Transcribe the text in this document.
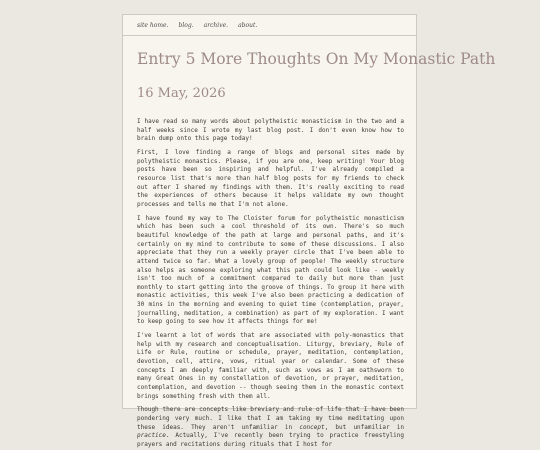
site home. blog. archive. about.
Entry 5 More Thoughts On My Monastic Path
16 May, 2026

I have read so many words about polytheistic monasticism in the two and a half weeks since I wrote my last blog post. I don't even know how to brain dump onto this page today!

First, I love finding a range of blogs and personal sites made by polytheistic monastics. Please, if you are one, keep writing! Your blog posts have been so inspiring and helpful. I've already compiled a resource list that's more than half blog posts for my friends to check out after I shared my findings with them. It's really exciting to read the experiences of others because it helps validate my own thought processes and tells me that I'm not alone.

I have found my way to The Cloister forum for polytheistic monasticism which has been such a cool threshold of its own. There's so much beautiful knowledge of the path at large and personal paths, and it's certainly on my mind to contribute to some of these discussions. I also appreciate that they run a weekly prayer circle that I've been able to attend twice so far. What a lovely group of people! The weekly structure also helps as someone exploring what this path could look like - weekly isn't too much of a commitment compared to daily but more than just monthly to start getting into the groove of things. To group it here with monastic activities, this week I've also been practicing a dedication of 30 mins in the morning and evening to quiet time (contemplation, prayer, journalling, meditation, a combination) as part of my exploration. I want to keep going to see how it affects things for me!

I've learnt a lot of words that are associated with poly-monastics that help with my research and conceptualisation. Liturgy, breviary, Rule of Life or Rule, routine or schedule, prayer, meditation, contemplation, devotion, cell, attire, vows, ritual year or calendar. Some of these concepts I am deeply familiar with, such as vows as I am oathsworn to many Great Ones in my constellation of devotion, or prayer, meditation, contemplation, and devotion -- though seeing them in the monastic context brings something fresh with them all.

Though there are concepts like breviary and rule of life that I have been pondering very much. I like that I am taking my time meditating upon these ideas. They aren't unfamiliar in concept, but unfamiliar in practice. Actually, I've recently been trying to practice freestyling prayers and recitations during rituals that I host for
